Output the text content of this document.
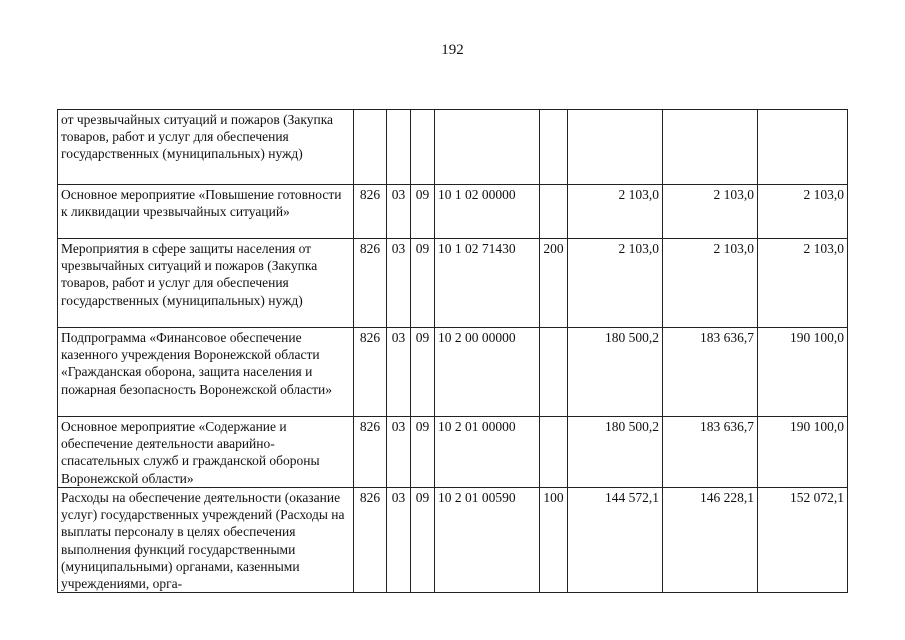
192
от чрезвычайных ситуаций и пожаров (Закупка товаров, работ и услуг для обеспечения государственных (муниципальных) нужд)								
Основное мероприятие «Повышение готовности к ликвидации чрезвычайных ситуаций»	826	03	09	10 1 02 00000		2 103,0	2 103,0	2 103,0
Мероприятия в сфере защиты населения от чрезвычайных ситуаций и пожаров (Закупка товаров, работ и услуг для обеспечения государственных (муниципальных) нужд)	826	03	09	10 1 02 71430	200	2 103,0	2 103,0	2 103,0
Подпрограмма «Финансовое обеспечение казенного учреждения Воронежской области «Гражданская оборона, защита населения и пожарная безопасность Воронежской области»	826	03	09	10 2 00 00000		180 500,2	183 636,7	190 100,0
Основное мероприятие «Содержание и обеспечение деятельности аварийно-спасательных служб и гражданской обороны Воронежской области»	826	03	09	10 2 01 00000		180 500,2	183 636,7	190 100,0
Расходы на обеспечение деятельности (оказание услуг) государственных учреждений (Расходы на выплаты персоналу в целях обеспечения выполнения функций государственными (муниципальными) органами, казенными учреждениями, орга-	826	03	09	10 2 01 00590	100	144 572,1	146 228,1	152 072,1
